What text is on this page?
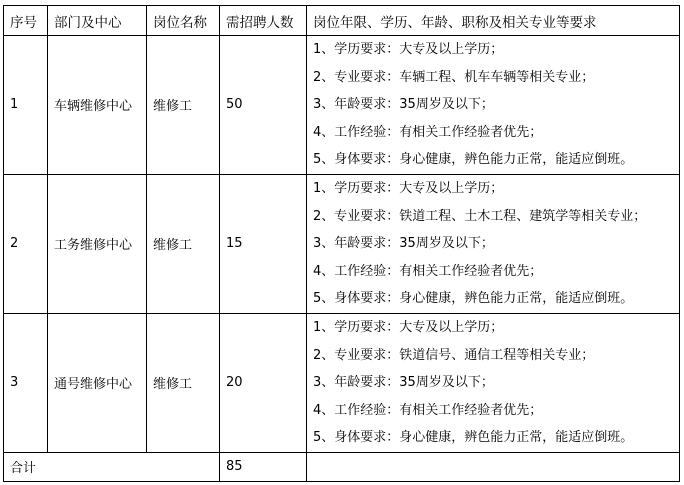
序号	部门及中心	岗位名称	需招聘人数	岗位年限、学历、年龄、职称及相关专业等要求
1	车辆维修中心	维修工	50	1、学历要求：大专及以上学历；
2、专业要求：车辆工程、机车车辆等相关专业；
3、年龄要求：35周岁及以下；
4、工作经验：有相关工作经验者优先；
5、身体要求：身心健康，辨色能力正常，能适应倒班。

2	工务维修中心	维修工	15	1、学历要求：大专及以上学历；
2、专业要求：铁道工程、土木工程、建筑学等相关专业；
3、年龄要求：35周岁及以下；
4、工作经验：有相关工作经验者优先；
5、身体要求：身心健康，辨色能力正常，能适应倒班。

3	通号维修中心	维修工	20	1、学历要求：大专及以上学历；
2、专业要求：铁道信号、通信工程等相关专业；
3、年龄要求：35周岁及以下；
4、工作经验：有相关工作经验者优先；
5、身体要求：身心健康，辨色能力正常，能适应倒班。

合计			85	
